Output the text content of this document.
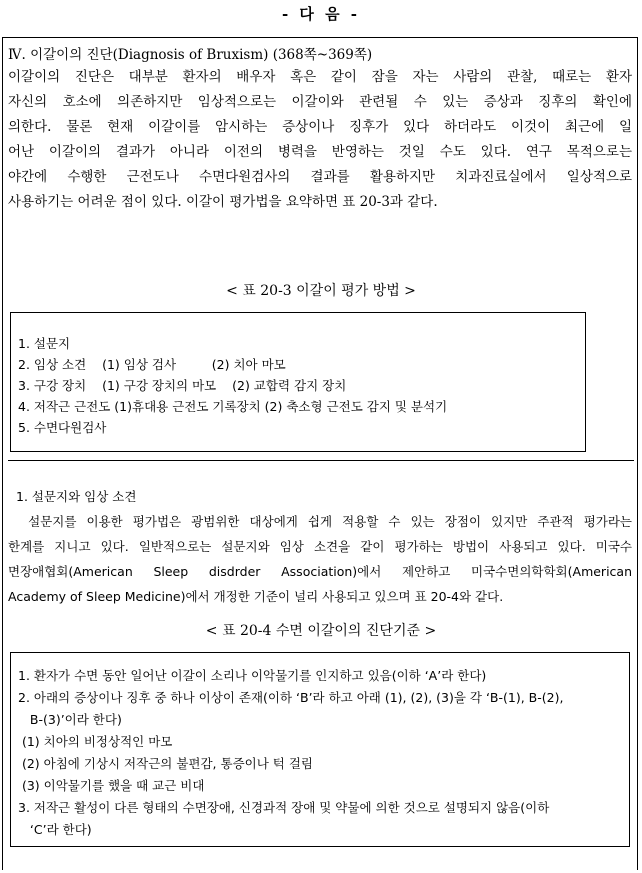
- 다 음 -
Ⅳ. 이갈이의 진단(Diagnosis of Bruxism) (368쪽~369쪽)
이갈이의 진단은 대부분 환자의 배우자 혹은 같이 잠을 자는 사람의 관찰, 때로는 환자
자신의 호소에 의존하지만 임상적으로는 이갈이와 관련될 수 있는 증상과 징후의 확인에
의한다. 물론 현재 이갈이를 암시하는 증상이나 징후가 있다 하더라도 이것이 최근에 일
어난 이갈이의 결과가 아니라 이전의 병력을 반영하는 것일 수도 있다. 연구 목적으로는
야간에 수행한 근전도나 수면다원검사의 결과를 활용하지만 치과진료실에서 일상적으로
사용하기는 어려운 점이 있다. 이갈이 평가법을 요약하면 표 20-3과 같다.
< 표 20-3 이갈이 평가 방법 >
1. 설문지
2. 임상 소견    (1) 임상 검사         (2) 치아 마모
3. 구강 장치    (1) 구강 장치의 마모    (2) 교합력 감지 장치
4. 저작근 근전도 (1)휴대용 근전도 기록장치 (2) 축소형 근전도 감지 및 분석기
5. 수면다원검사
1. 설문지와 임상 소견
설문지를 이용한 평가법은 광범위한 대상에게 쉽게 적용할 수 있는 장점이 있지만 주관적 평가라는
한계를 지니고 있다. 일반적으로는 설문지와 임상 소견을 같이 평가하는 방법이 사용되고 있다. 미국수
면장애협회(American   Sleep   disdrder   Association)에서   제안하고   미국수면의학학회(American
Academy of Sleep Medicine)에서 개정한 기준이 널리 사용되고 있으며 표 20-4와 같다.
< 표 20-4 수면 이갈이의 진단기준 >
1. 환자가 수면 동안 일어난 이갈이 소리나 이악물기를 인지하고 있음(이하 ‘A’라 한다)
2. 아래의 증상이나 징후 중 하나 이상이 존재(이하 ‘B’라 하고 아래 (1), (2), (3)을 각 ‘B-(1), B-(2),
B-(3)’이라 한다)
(1) 치아의 비정상적인 마모
(2) 아침에 기상시 저작근의 불편감, 통증이나 턱 걸림
(3) 이악물기를 했을 때 교근 비대
3. 저작근 활성이 다른 형태의 수면장애, 신경과적 장애 및 약물에 의한 것으로 설명되지 않음(이하
‘C’라 한다)
